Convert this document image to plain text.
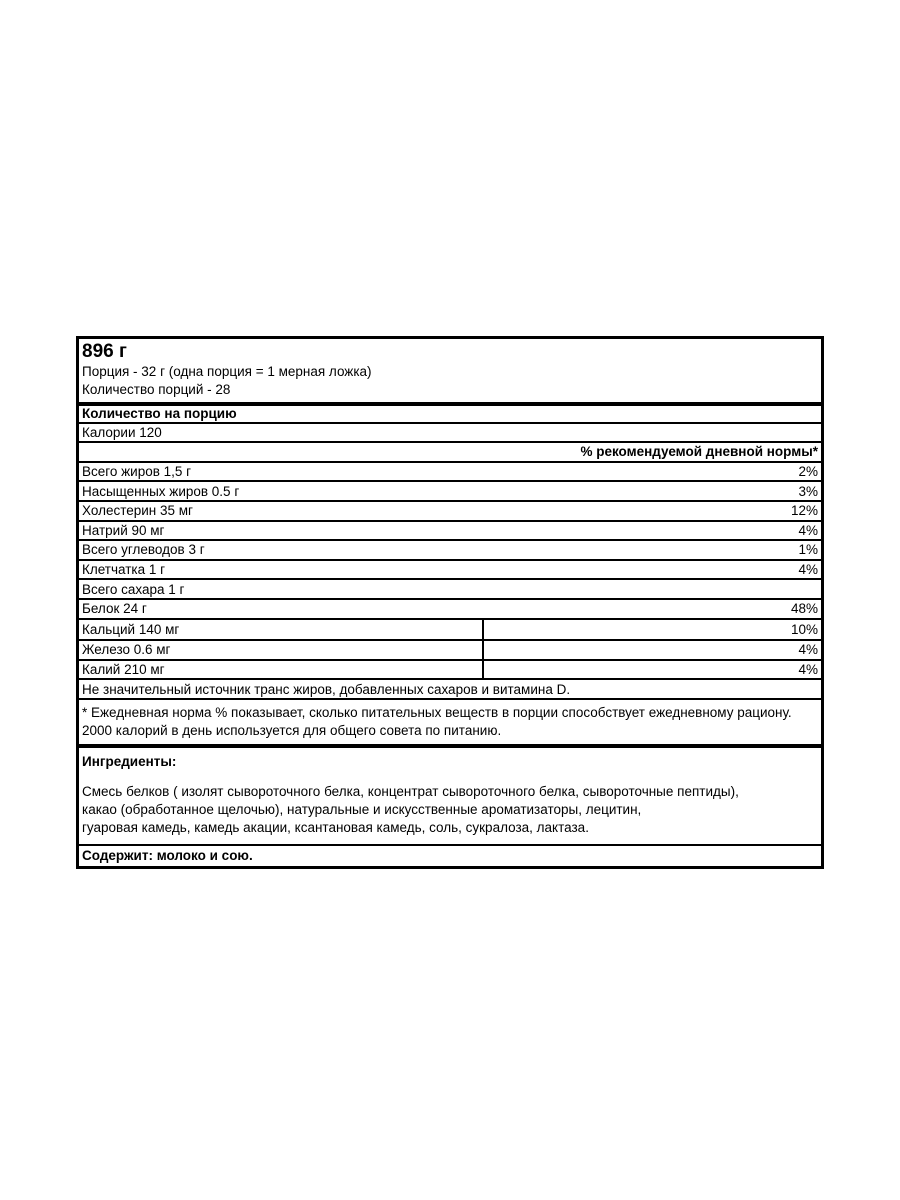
896 г
Порция - 32 г (одна порция = 1 мерная ложка)
Количество порций - 28
Количество на порцию
Калории 120
% рекомендуемой дневной нормы*
Всего жиров 1,5 г	2%
Насыщенных жиров 0.5 г	3%
Холестерин 35 мг	12%
Натрий 90 мг	4%
Всего углеводов 3 г	1%
Клетчатка 1 г	4%
Всего сахара 1 г
Белок 24 г	48%
Кальций 140 мг	10%
Железо 0.6 мг	4%
Калий 210 мг	4%
Не значительный источник транс жиров, добавленных сахаров и витамина D.
* Ежедневная норма % показывает, сколько питательных веществ в порции способствует ежедневному рациону. 2000 калорий в день используется для общего совета по питанию.
Ингредиенты:
Смесь белков ( изолят сывороточного белка, концентрат сывороточного белка, сывороточные пептиды),
какао (обработанное щелочью), натуральные и искусственные ароматизаторы, лецитин,
гуаровая камедь, камедь акации, ксантановая камедь, соль, сукралоза, лактаза.
Содержит: молоко и сою.
